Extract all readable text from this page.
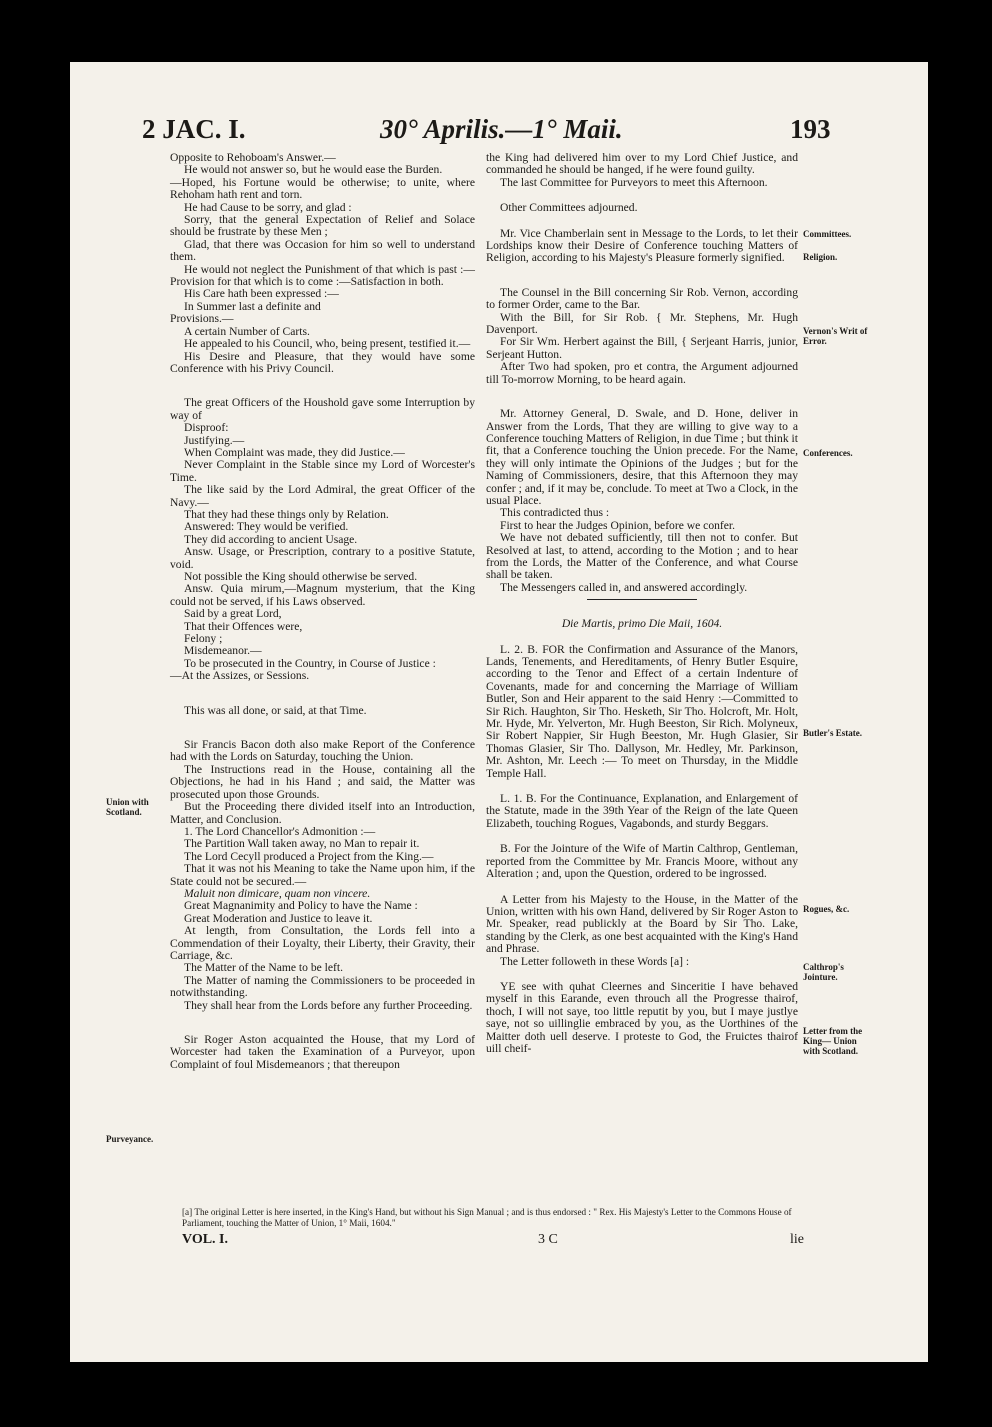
2 JAC. I.	30° Aprilis.—1° Maii.	193

Opposite to Rehoboam's Answer.—

He would not answer so, but he would ease the Burden.

—Hoped, his Fortune would be otherwise; to unite, where Rehoham hath rent and torn.

He had Cause to be sorry, and glad :

Sorry, that the general Expectation of Relief and Solace should be frustrate by these Men ;

Glad, that there was Occasion for him so well to understand them.

He would not neglect the Punishment of that which is past :—Provision for that which is to come :—Satisfaction in both.

His Care hath been expressed :—

In Summer last a definite and

Provisions.—

A certain Number of Carts.

He appealed to his Council, who, being present, testified it.—

His Desire and Pleasure, that they would have some Conference with his Privy Council.

The great Officers of the Houshold gave some Interruption by way of

Disproof:

Justifying.—

When Complaint was made, they did Justice.—

Never Complaint in the Stable since my Lord of Worcester's Time.

The like said by the Lord Admiral, the great Officer of the Navy.—

That they had these things only by Relation.

Answered: They would be verified.

They did according to ancient Usage.

Answ. Usage, or Prescription, contrary to a positive Statute, void.

Not possible the King should otherwise be served.

Answ. Quia mirum,—Magnum mysterium, that the King could not be served, if his Laws observed.

Said by a great Lord,

That their Offences were,

Felony ;

Misdemeanor.—

To be prosecuted in the Country, in Course of Justice :

—At the Assizes, or Sessions.

This was all done, or said, at that Time.

Sir Francis Bacon doth also make Report of the Conference had with the Lords on Saturday, touching the Union.

The Instructions read in the House, containing all the Objections, he had in his Hand ; and said, the Matter was prosecuted upon those Grounds.

But the Proceeding there divided itself into an Introduction, Matter, and Conclusion.

1. The Lord Chancellor's Admonition :—

The Partition Wall taken away, no Man to repair it.

The Lord Cecyll produced a Project from the King.—

That it was not his Meaning to take the Name upon him, if the State could not be secured.—

Maluit non dimicare, quam non vincere.

Great Magnanimity and Policy to have the Name :

Great Moderation and Justice to leave it.

At length, from Consultation, the Lords fell into a Commendation of their Loyalty, their Liberty, their Gravity, their Carriage, &c.

The Matter of the Name to be left.

The Matter of naming the Commissioners to be proceeded in notwithstanding.

They shall hear from the Lords before any further Proceeding.

Sir Roger Aston acquainted the House, that my Lord of Worcester had taken the Examination of a Purveyor, upon Complaint of foul Misdemeanors ; that thereupon

the King had delivered him over to my Lord Chief Justice, and commanded he should be hanged, if he were found guilty.

The last Committee for Purveyors to meet this Afternoon.

Other Committees adjourned.

Mr. Vice Chamberlain sent in Message to the Lords, to let their Lordships know their Desire of Conference touching Matters of Religion, according to his Majesty's Pleasure formerly signified.

The Counsel in the Bill concerning Sir Rob. Vernon, according to former Order, came to the Bar.

With the Bill, for Sir Rob. { Mr. Stephens, Mr. Hugh Davenport.

For Sir Wm. Herbert against the Bill, { Serjeant Harris, junior, Serjeant Hutton.

After Two had spoken, pro et contra, the Argument adjourned till To-morrow Morning, to be heard again.

Mr. Attorney General, D. Swale, and D. Hone, deliver in Answer from the Lords, That they are willing to give way to a Conference touching Matters of Religion, in due Time ; but think it fit, that a Conference touching the Union precede. For the Name, they will only intimate the Opinions of the Judges ; but for the Naming of Commissioners, desire, that this Afternoon they may confer ; and, if it may be, conclude. To meet at Two a Clock, in the usual Place.

This contradicted thus :

First to hear the Judges Opinion, before we confer.

We have not debated sufficiently, till then not to confer. But Resolved at last, to attend, according to the Motion ; and to hear from the Lords, the Matter of the Conference, and what Course shall be taken.

The Messengers called in, and answered accordingly.

Die Martis, primo Die Maii, 1604.

L. 2. B. FOR the Confirmation and Assurance of the Manors, Lands, Tenements, and Hereditaments, of Henry Butler Esquire, according to the Tenor and Effect of a certain Indenture of Covenants, made for and concerning the Marriage of William Butler, Son and Heir apparent to the said Henry :—Committed to Sir Rich. Haughton, Sir Tho. Hesketh, Sir Tho. Holcroft, Mr. Holt, Mr. Hyde, Mr. Yelverton, Mr. Hugh Beeston, Sir Rich. Molyneux, Sir Robert Nappier, Sir Hugh Beeston, Mr. Hugh Glasier, Sir Thomas Glasier, Sir Tho. Dallyson, Mr. Hedley, Mr. Parkinson, Mr. Ashton, Mr. Leech :— To meet on Thursday, in the Middle Temple Hall.

L. 1. B. For the Continuance, Explanation, and Enlargement of the Statute, made in the 39th Year of the Reign of the late Queen Elizabeth, touching Rogues, Vagabonds, and sturdy Beggars.

B. For the Jointure of the Wife of Martin Calthrop, Gentleman, reported from the Committee by Mr. Francis Moore, without any Alteration ; and, upon the Question, ordered to be ingrossed.

A Letter from his Majesty to the House, in the Matter of the Union, written with his own Hand, delivered by Sir Roger Aston to Mr. Speaker, read publickly at the Board by Sir Tho. Lake, standing by the Clerk, as one best acquainted with the King's Hand and Phrase.

The Letter followeth in these Words [a] :

YE see with quhat Cleernes and Sinceritie I have behaved myself in this Earande, even throuch all the Progresse thairof, thoch, I will not saye, too little reputit by you, but I maye justlye saye, not so uillinglie embraced by you, as the Uorthines of the Maitter doth uell deserve. I proteste to God, the Fruictes thairof uill cheif-

Committees.
Religion.
Vernon's Writ of Error.
Conferences.
Butler's Estate.
Rogues, &c.
Calthrop's Jointure.
Letter from the King— Union with Scotland.
Union with Scotland.
Purveyance.
[a] The original Letter is here inserted, in the King's Hand, but without his Sign Manual ; and is thus endorsed : " Rex. His Majesty's Letter to the Commons House of Parliament, touching the Matter of Union, 1° Maii, 1604."
VOL. I.	3 C	lie
